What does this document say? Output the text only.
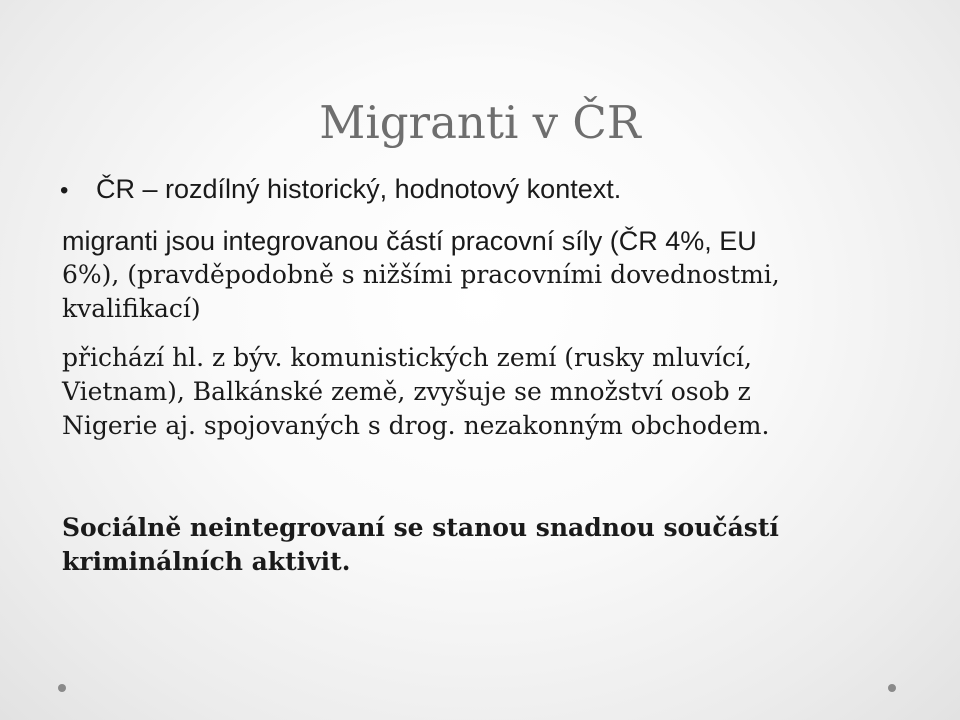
Migranti v ČR
• ČR – rozdílný historický, hodnotový kontext.
migranti jsou integrovanou částí pracovní síly (ČR 4%, EU
6%), (pravděpodobně s nižšími pracovními dovednostmi,
kvalifikací)
přichází hl. z býv. komunistických zemí (rusky mluvící,
Vietnam), Balkánské země, zvyšuje se množství osob z
Nigerie aj. spojovaných s drog. nezakonným obchodem.
Sociálně neintegrovaní se stanou snadnou součástí
kriminálních aktivit.
